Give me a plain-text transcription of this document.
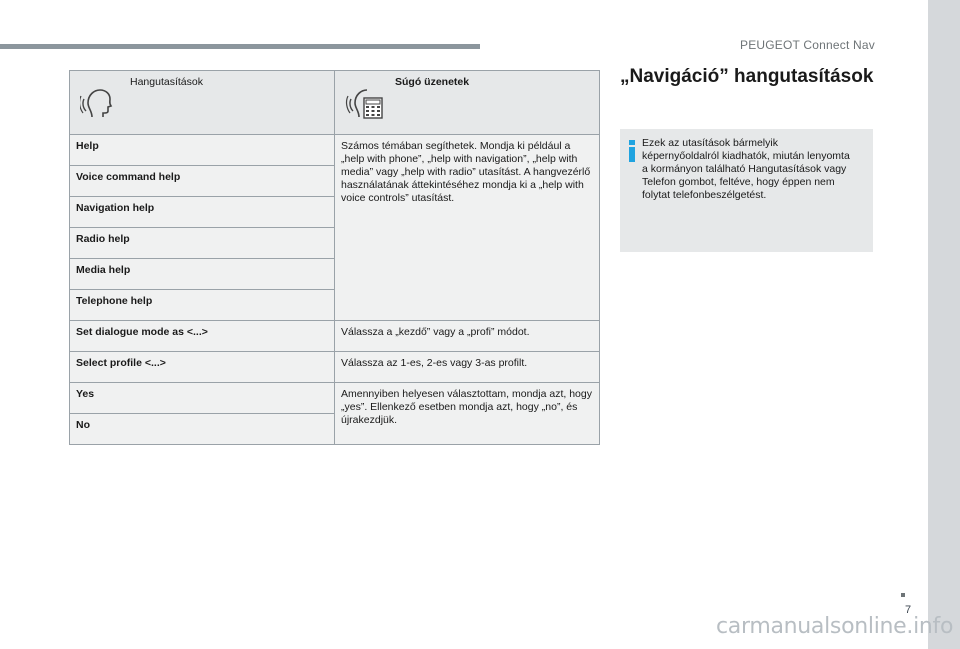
PEUGEOT Connect Nav
Hangutasítások	Súgó üzenetek

Help	Számos témában segíthetek. Mondja ki például a „help with phone”, „help with navigation”, „help with media” vagy „help with radio” utasítást. A hangvezérlő használatának áttekintéséhez mondja ki a „help with voice controls” utasítást.
Voice command help	
Navigation help	
Radio help	
Media help	
Telephone help	
Set dialogue mode as <...>	Válassza a „kezdő” vagy a „profi” módot.
Select profile <...>	Válassza az 1-es, 2-es vagy 3-as profilt.
Yes	Amennyiben helyesen választottam, mondja azt, hogy „yes”. Ellenkező esetben mondja azt, hogy „no”, és újrakezdjük.
No	
„Navigáció” hangutasítások
Ezek az utasítások bármelyik képernyőoldalról kiadhatók, miután lenyomta a kormányon található Hangutasítások vagy Telefon gombot, feltéve, hogy éppen nem folytat telefonbeszélgetést.
7
carmanualsonline.info
